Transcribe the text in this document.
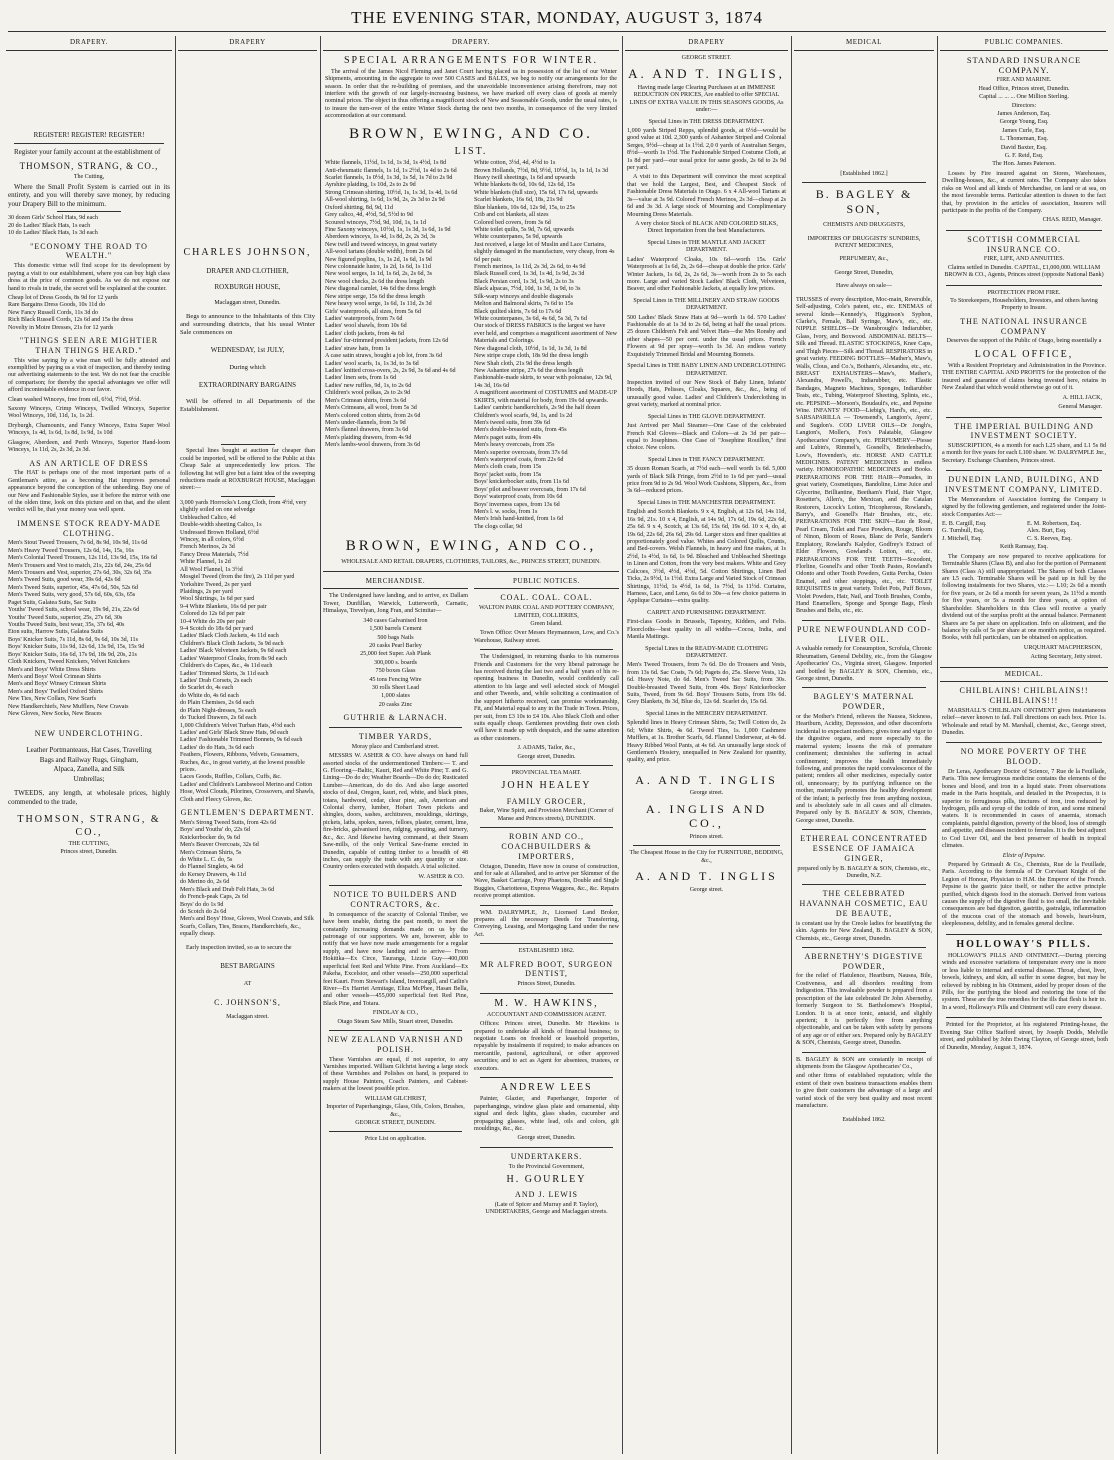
THE EVENING STAR, MONDAY, AUGUST 3, 1874
DRAPERY.
REGISTER! REGISTER! REGISTER!
Register your family account at the establishment of
THOMSON, STRANG, & CO.,
The Cutting,
Where the Small Profit System is carried out in its entirety, and you will thereby save money, by reducing your Drapery Bill to the minimum.
30 dozen Girls' School Hats, 9d each
20 do Ladies' Black Hats, 1s each
10 do Ladies' Black Hats, 1s 3d each
"ECONOMY THE ROAD TO WEALTH."
This domestic virtue will find scope for its development by paying a visit to our establishment, where you can buy high class dress at the price of common goods. As we do not expose our hand to rivals in trade, the secret will be explained at the counter.
Cheap lot of Dress Goods, 8s 9d for 12 yards
Rare Bargains Dress Goods, 10s 11d do
New Fancy Russell Cords, 11s 3d do
Rich Black Russell Cords, 12s 6d and 15s the dress
Novelty in Moire Dresses, 21s for 12 yards
"THINGS SEEN ARE MIGHTIER THAN THINGS HEARD."
This wise saying by a wise man will be fully attested and exemplified by paying us a visit of inspection, and thereby testing our advertising statements to the test. We do not fear the crucible of comparison; for thereby the special advantages we offer will afford incontestable evidence in our favor.
Clean washed Winceys, free from oil, 6½d, 7½d, 9½d.
Saxony Winceys, Crimp Winceys, Twilled Winceys, Superior Wool Winceys, 10d, 11d, 1s, 1s 2d.
Dryburgh, Chamounix, and Fancy Winceys, Extra Super Wool Winceys, 1s 4d, 1s 6d, 1s 8d, 1s 9d, 1s 10d
Glasgow, Aberdeen, and Perth Winceys, Superior Hand-loom Winceys, 1s 11d, 2s, 2s 3d, 2s 3d.
AS AN ARTICLE OF DRESS
The HAT is perhaps one of the most important parts of a Gentleman's attire, as a becoming Hat improves personal appearance beyond the conception of the unheeding. Buy one of our New and Fashionable Styles, use it before the mirror with one of the olden time, look on this picture and on that, and the silent verdict will be, that your money was well spent.
IMMENSE STOCK READY-MADE CLOTHING.
Men's Stout Tweed Trousers, 7s 6d, 8s 9d, 10s 9d, 11s 6d
Men's Heavy Tweed Trousers, 12s 6d, 14s, 15s, 16s
Men's Colonial Tweed Trousers, 12s 11d, 13s 9d, 15s, 16s 6d
Men's Trousers and Vest to match, 21s, 22s 6d, 24s, 25s 6d
Men's Trousers and Vest, superior, 27s 6d, 30s, 32s 6d, 35s
Men's Tweed Suits, good wear, 39s 6d, 42s 6d
Men's Tweed Suits, superior, 45s, 47s 6d, 50s, 52s 6d
Men's Tweed Suits, very good, 57s 6d, 60s, 63s, 65s
Paget Suits, Galatea Suits, Sac Suits
Youths' Tweed Suits, school wear, 19s 9d, 21s, 22s 6d
Youths' Tweed Suits, superior, 25s, 27s 6d, 30s
Youths Tweed Suits, best wear, 35s, 37s 6d, 40s
Eton suits, Harrow Suits, Galatea Suits
Boys' Knicker Suits, 7s 11d, 8s 6d, 9s 6d, 10s 3d, 11s
Boys' Knicker Suits, 11s 9d, 12s 6d, 13s 9d, 15s, 15s 9d
Boys' Knicker Suits, 16s 6d, 17s 9d, 18s 9d, 20s, 21s
Cloth Knickers, Tweed Knickers, Velvet Knickers
Men's and Boys' White Dress Shirts
Men's and Boys' Wool Crimean Shirts
Men's and Boys' Winsey Crimean Shirts
Men's and Boys' Twilled Oxford Shirts
New Ties, New Collars, New Scarfs
New Handkerchiefs, New Mufflers, New Cravats
New Gloves, New Socks, New Braces
NEW UNDERCLOTHING.
Leather Portmanteaus, Hat Cases, Travelling
Bags and Railway Rugs, Gingham,
Alpaca, Zanella, and Silk
Umbrellas;
TWEEDS, any length, at wholesale prices, highly commended to the trade,
THOMSON, STRANG, & CO.,
THE CUTTING,
Princes street, Dunedin.
DRAPERY
CHARLES JOHNSON,
DRAPER AND CLOTHIER,
ROXBURGH HOUSE,
Maclaggan street, Dunedin.
Begs to announce to the Inhabitants of this City and surrounding districts, that his usual Winter Sale commences on
WEDNESDAY, 1st JULY,
During which
EXTRAORDINARY BARGAINS
Will be offered in all Departments of the Establishment.
Special lines bought at auction far cheaper than could be imported, will be offered to the Public at this Cheap Sale at unprecedentedly low prices. The following list will give but a faint idea of the sweeping reductions made at ROXBURGH HOUSE, Maclaggan street:—
3,000 yards Horrocks's Long Cloth, from 4½d, very slightly soiled on one selvedge
Unbleached Calico, 4d
Double-width sheeting Calico, 1s
Undressed Brown Holland, 6½d
Wincey, in all colors, 6½d
French Merinos, 2s 3d
Fancy Dress Materials, 7½d
White Flannel, 1s 2d
All Wool Flannel, 1s 3½d
Mosgiel Tweed (from the fire), 2s 11d per yard
Yorkshire Tweed, 2s per yard
Plaidings, 2s per yard
Wool Shirtings, 1s 6d per yard
9-4 White Blankets, 16s 6d per pair
Colored do 12s 6d per pair
10-4 White do 20s per pair
9-4 Scotch do 18s 6d per yard
Ladies' Black Cloth Jackets, 4s 11d each
Children's Black Cloth Jackets, 3s 9d each
Ladies' Black Velveteen Jackets, 9s 6d each
Ladies' Waterproof Cloaks, from 8s 9d each
Children's do Capes, &c., 4s 11d each
Ladies' Trimmed Skirts, 3s 11d each
Ladies' Drab Corsets, 2s each
do Scarlet do, 4s each
do White do, 4s 6d each
do Plain Chemises, 2s 6d each
do Plain Night-dresses, 5s each
do Tucked Drawers, 2s 6d each
1,000 Children's Velvet Turban Hats, 4½d each
Ladies' and Girls' Black Straw Hats, 9d each
Ladies' Fashionable Trimmed Bonnets, 9s 6d each
Ladies' do do Hats, 3s 6d each
Feathers, Flowers, Ribbons, Velvets, Gossamers, Ruches, &c., in great variety, at the lowest possible prices.
Laces Goods, Ruffles, Collars, Cuffs, &c.
Ladies' and Children's Lambswool Merino and Cotton Hose, Wool Clouds, Pilorines, Crossovers, and Shawls, Cloth and Fleecy Gloves, &c.
GENTLEMEN'S DEPARTMENT.
Men's Strong Tweed Suits, from 42s 6d
Boys' and Youths' do, 22s 6d
Knickerbocker do, 9s 6d
Men's Beaver Overcoats, 32s 6d
Men's Crimean Shirts, 5s
do White L. C. do, 5s
do Flannel Singlets, 4s 6d
do Kersey Drawers, 4s 11d
do Merino do, 2s 6d
Men's Black and Drab Felt Hats, 3s 6d
do French-peak Caps, 2s 6d
Boys' do do 1s 9d
do Scotch do 2s 6d
Men's and Boys' Hose, Gloves, Wool Cravats, and Silk Scarfs, Collars, Ties, Braces, Handkerchiefs, &c., equally cheap.
Early inspection invited, so as to secure the
BEST BARGAINS
AT
C. JOHNSON'S,
Maclaggan street.
DRAPERY.
SPECIAL ARRANGEMENTS FOR WINTER.
The arrival of the James Nicol Fleming and Janet Court having placed us in possession of the list of our Winter Shipments, amounting in the aggregate to over 500 CASES and BALES, we beg to notify our arrangements for the season. In order that the re-building of premises, and the unavoidable inconvenience arising therefrom, may not interfere with the growth of our largely-increasing business, we have marked off every class of goods at merely nominal prices. The object in thus offering a magnificent stock of New and Seasonable Goods, under the usual rates, is to insure the turn-over of the entire Winter Stock during the next two months, in consequence of the very limited accommodation at our command.
BROWN, EWING, AND CO.
LIST.
White flannels, 11½d, 1s 1d, 1s 3d, 1s 4½d, 1s 8d
Anti-rheumatic flannels, 1s 1d, 1s 2½d, 1s 4d to 2s 6d
Scarlet flannels, 1s 0½d, 1s 3d, 1s 5d, 1s 7d to 2s 9d
Ayrshire plaiding, 1s 10d, 2s to 2s 9d
Strong Crimean shirting, 10½d, 1s, 1s 3d, 1s 4d, 1s 6d
All-wool shirting, 1s 6d, 1s 9d, 2s, 2s 3d to 2s 9d
Oxford shirting, 8d, 9d, 11d
Grey calico, 4d, 4½d, 5d, 5½d to 9d
Scoured winceys, 7½d, 9d, 10d, 1s, 1s 1d
Fine Saxony winceys, 10½d, 1s, 1s 3d, 1s 6d, 1s 9d
Aberdeen winceys, 1s 4d, 1s 8d, 2s, 2s 3d, 3s
New twill and tweed winceys, in great variety
All-wool tartans (double width), from 2s 6d
New figured poplins, 1s, 1s 2d, 1s 6d, 1s 9d
New colonnaide lustre, 1s 2d, 1s 6d, 1s 11d
New wool serges, 1s 1d, 1s 6d, 2s, 2s 6d, 3s
New wool checks, 2s 6d the dress length
New diagonal camlet, 14s 6d the dress length
New stripe serge, 15s 6d the dress length
New heavy wool serge, 1s 6d, 1s 11d, 2s 3d
Girls' waterproofs, all sizes, from 5s 6d
Ladies' waterproofs, from 7s 6d
Ladies' wool shawls, from 10s 6d
Ladies' cloth jackets, from 4s 6d
Ladies' fur-trimmed president jackets, from 12s 6d
Ladies' straw hats, from 1s
A case satin straws, bought a job lot, from 3s 6d
Ladies' wool scarfs, 1s, 1s 3d, to 3s 6d
Ladies' knitted cross-overs, 2s, 2s 9d, 3s 6d and 4s 6d
Ladies' linen sets, from 1s 6d
Ladies' new ruffles, 9d, 1s, to 2s 6d
Children's wool polkas, 2s to 2s 9d
Men's Crimean shirts, from 3s 6d
Men's Crimeans, all wool, from 5s 3d
Men's colored cotton shirts, from 2s 6d
Men's under-flannels, from 3s 9d
Men's flannel drawers, from 3s 6d
Men's plaiding drawers, from 4s 9d
Men's lambs-wool drawers, from 3s 6d
White cotton, 3½d, 4d, 4½d to 1s
Brown Hollands, 7½d, 8d, 9½d, 10½d, 1s, 1s 1d, 1s 3d
Heavy twill sheetings, 1s 6d and upwards
White blankets 8s 6d, 10s 6d, 12s 6d, 15s
White blankets (full size), 15s 6d, 17s 6d, upwards
Scarlet blankets, 16s 6d, 18s, 21s 9d
Blue blankets, 10s 6d, 12s 9d, 15s, to 25s
Crib and cot blankets, all sizes
Colored bed covers, from 3s 6d
White toilet quilts, 5s 9d, 7s 6d, upwards
White counterpanes, 5s 9d, upwards
Just received, a large lot of Muslin and Lace Curtains, slightly damaged in the manufacture, very cheap, from 4s 6d per pair.
French merinos, 1s 11d, 2s 3d, 2s 6d, to 4s 9d
Black Russell cord, 1s 3d, 1s 4d, 1s 9d, 2s 3d
Black Persian cord, 1s 3d, 1s 9d, 2s to 3s
Black alpacas, 7½d, 10d, 1s 3d, 1s 9d, to 3s
Silk-warp winceys and double diagonals
Melton and Balmoral skirts, 7s 6d to 15s
Black quilted skirts, 7s 6d to 17s 6d
White counterpanes, 3s 6d, 4s 6d, 5s 3d, 7s 6d
Our stock of DRESS FABRICS is the largest we have ever held, and comprises a magnificent assortment of New Materials and Colorings.
New diagonal cloth, 10½d, 1s 1d, 1s 3d, 1s 8d
New stripe crape cloth, 18s 9d the dress length
New Shah cloth, 21s 9d the dress length
New Ashantee stripe, 27s 6d the dress length
Fashionable-made skirts, to wear with polonaise, 12s 9d, 14s 3d, 16s 6d
A magnificent assortment of COSTUMES and MADE-UP SKIRTS, with material for body, from 19s 6d upwards.
Ladies' cambric handkerchiefs, 2s 9d the half dozen
Children's wool scarfs, 9d, 1s, and 1s 2d
Men's tweed suits, from 39s 6d
Men's double-breasted suits, from 45s
Men's paget suits, from 49s
Men's heavy overcoats, from 35s
Men's superior overcoats, from 37s 6d
Men's waterproof coats, from 22s 6d
Men's cloth coats, from 15s
Boys' jacket suits, from 15s
Boys' knickerbocker suits, from 11s 6d
Boys' pilot and beaver overcoats, from 17s 6d
Boys' waterproof coats, from 10s 6d
Boys' inverness capes, from 13s 6d
Men's l. w. socks, from 1s
Men's Irish hand-knitted, from 1s 6d
The clogs collar, 9d
BROWN, EWING, AND CO.,
WHOLESALE AND RETAIL DRAPERS, CLOTHIERS, TAILORS, &c., PRINCES STREET, DUNEDIN.
MERCHANDISE.
The Undersigned have landing, and to arrive, ex Dallam Tower, Dunfillan, Warwick, Lutterworth, Carnatic, Himalaya, Trevelyan, Jong Fran, and Scimitar—
340 cases Galvanised Iron
1,500 barrels Cement
500 bags Nails
20 casks Pearl Barley
25,000 feet Super. Ash Plank
300,000 s. boards
750 boxes Glass
45 tons Fencing Wire
30 rolls Sheet Lead
1,000 slates
20 casks Zinc
GUTHRIE & LARNACH.
TIMBER YARDS,
Moray place and Cumberland street.
MESSRS W. ASHER & CO. have always on hand full assorted stocks of the undermentioned Timbers:— T. and G. Flooring—Baltic, Kauri, Red and White Pine; T. and G. Lining—Do do do; Weather Boards—Do do do; Rusticated Lumber—American, do do do. And also large assorted stocks of deal, Oregon, kauri, red, white, and black pines, totara, hardwood, cedar, clear pine, ash, American and Colonial cherry, lumber, Hobart Town pickets and shingles, doors, sashes, architraves, mouldings, skirtings, pickets, laths, spokes, naves, felloes, plaster, cement, lime, fire-bricks, galvanised iron, ridging, spouting, and turnery, &c., &c. And likewise having command, at their Steam Saw-mills, of the only Vertical Saw-frame erected in Dunedin, capable of cutting timber to a breadth of 48 inches, can supply the trade with any quantity or size. Country orders executed with despatch. A trial solicited.
W. ASHER & CO.
NOTICE TO BUILDERS AND CONTRACTORS, &c.
In consequence of the scarcity of Colonial Timber, we have been unable, during the past month, to meet the constantly increasing demands made on us by the patronage of our supporters. We are, however, able to notify that we have now made arrangements for a regular supply, and have now landing and to arrive— From Hokitika—Ex Circe, Tauranga, Lizzie Guy—400,000 superficial feet Red and White Pine. From Auckland—Ex Pakeha, Excelsior, and other vessels—250,000 superficial feet Kauri. From Stewart's Island, Invercargill, and Catlin's River—Ex Harriet Armitage, Eliza McPhee, Hasan Bella, and other vessels—455,000 superficial feet Red Pine, Black Pine, and Totara.
FINDLAY & CO.,
Otago Steam Saw Mills, Stuart street, Dunedin.
NEW ZEALAND VARNISH AND POLISH.
These Varnishes are equal, if not superior, to any Varnishes imported. William Gilchrist having a large stock of these Varnishes and Polishes on hand, is prepared to supply House Painters, Coach Painters, and Cabinet-makers at the lowest possible price.
WILLIAM GILCHRIST,
Importer of Paperhangings, Glass, Oils, Colors, Brushes, &c.,
GEORGE STREET, DUNEDIN.
Price List on application.
PUBLIC NOTICES.
COAL. COAL. COAL.
WALTON PARK COAL AND POTTERY COMPANY, LIMITED, COLLIERIES,
Green Island.
Town Office: Over Messrs Heymannson, Low, and Co.'s Warehouse, Railway street.
The Undersigned, in returning thanks to his numerous Friends and Customers for the very liberal patronage he has received during the last two and a half years of his re-opening business in Dunedin, would confidently call attention to his large and well selected stock of Mosgiel and other Tweeds, and, while soliciting a continuation of the support hitherto received, can promise workmanship, Fit, and Material equal to any in the Trade in Town. Prices, per suit, from £3 10s to £4 10s. Also Black Cloth and other suits equally cheap. Gentlemen providing their own cloth will have it made up with despatch, and the same attention as other customers.
J. ADAMS, Tailor, &c.,
George street, Dunedin.
PROVINCIAL TEA MART.
JOHN HEALEY
FAMILY GROCER,
Baker, Wine Spirit, and Provision Merchant (Corner of Manse and Princes streets), DUNEDIN.
ROBIN AND CO., COACHBUILDERS & IMPORTERS,
Octagon, Dunedin, Have now in course of construction, and for sale at Allanshed, and to arrive per Skimmer of the Wave, Basket Carriage, Pony Phaetons, Double and Single Buggies, Chariotteess, Express Waggons, &c., &c. Repairs receive prompt attention.
WM. DALRYMPLE, Jr., Licensed Land Broker, prepares all the necessary Deeds for Transferring, Conveying, Leasing, and Mortgaging Land under the new Act.
ESTABLISHED 1862.
MR ALFRED BOOT, SURGEON DENTIST,
Princes Street, Dunedin.
M. W. HAWKINS,
ACCOUNTANT AND COMMISSION AGENT.
Offices: Princes street, Dunedin. Mr Hawkins is prepared to undertake all kinds of financial business; to negotiate Loans on freehold or leasehold properties, repayable by instalments if required; to make advances on mercantile, pastoral, agricultural, or other approved securities; and to act as Agent for absentees, trustees, or executors.
ANDREW LEES
Painter, Glazier, and Paperhanger, Importer of paperhangings, window glass plate and ornamental, ship signal and deck lights, glass shades, cucumber and propagating glasses, white lead, oils and colors, gilt mouldings, &c., &c.
George street, Dunedin.
UNDERTAKERS.
To the Provincial Government,
H. GOURLEY
AND J. LEWIS
(Late of Spicer and Murray and P. Taylor), UNDERTAKERS, George and Maclaggan streets.
DRAPERY
GEORGE STREET.
A. AND T. INGLIS,
Having made large Clearing Purchases at an IMMENSE REDUCTION ON PRICES, Are enabled to offer SPECIAL LINES OF EXTRA VALUE IN THIS SEASON'S GOODS, As under:—
Special Lines in THE DRESS DEPARTMENT.
1,000 yards Striped Repps, splendid goods, at 6½d—would be good value at 10d. 2,300 yards of Ashantee Striped and Colonial Serges, 9½d—cheap at 1s 1½d. 2,0 0 yards of Australian Serges, 8½d—worth 1s 1½d. The Fashionable Striped Costume Cloth, at 1s 8d per yard—our usual price for same goods, 2s 6d to 2s 9d per yard.
A visit to this Department will convince the most sceptical that we hold the Largest, Best, and Cheapest Stock of Fashionable Dress Materials in Otago. 6 x 4 All-wool Tartans at 3s—value at 3s 9d. Colored French Merinos, 2s 3d—cheap at 2s 6d and 3s 3d. A large stock of Mourning and Complimentary Mourning Dress Materials.
A very choice Stock of BLACK AND COLORED SILKS, Direct Importation from the best Manufacturers.
Special Lines in THE MANTLE AND JACKET DEPARTMENT.
Ladies' Waterproof Cloaks, 10s 6d—worth 15s. Girls' Waterproofs at 1s 6d, 2s, 2s 6d—cheap at double the price. Girls' Winter Jackets, 1s 6d, 2s, 2s 6d, 3s—worth from 2s to 5s each more. Large and varied Stock Ladies' Black Cloth, Velveteen, Beaver, and other Fashionable Jackets, at equally low prices.
Special Lines in THE MILLINERY AND STRAW GOODS DEPARTMENT.
500 Ladies' Black Straw Hats at 9d—worth 1s 6d. 570 Ladies' Fashionable do at 1s 3d to 2s 6d, being at half the usual prices. 25 dozen Children's Felt and Velvet Hats—the Mrs Ronsby and other shapes—50 per cent. under the usual prices. French Flowers at 9d per spray—worth 1s 3d. An endless variety Exquisitely Trimmed Bridal and Mourning Bonnets.
Special Lines in THE BABY LINEN AND UNDERCLOTHING DEPARTMENT.
Inspection invited of our New Stock of Baby Linen, Infants' Hoods, Hats, Pelisses, Cloaks, Squares, &c., &c., being of unusually good value. Ladies' and Children's Underclothing in great variety, marked at nominal price.
Special Lines in THE GLOVE DEPARTMENT.
Just Arrived per Mail Steamer—One Case of the celebrated French Kid Gloves—Black and Colors—at 2s 3d per pair—equal to Josephines. One Case of "Josephine Rouillon," first choice. New colors.
Special Lines in THE FANCY DEPARTMENT.
35 dozen Roman Scarfs, at 7½d each—well worth 1s 6d. 5,000 yards of Black Silk Fringe, from 2½d to 1s 6d per yard—usual price from 9d to 2s 9d. Wool Work Cushions, Slippers, &c., from 3s 6d—reduced prices.
Special Lines in THE MANCHESTER DEPARTMENT.
English and Scotch Blankets. 9 x 4, English, at 12s 6d, 14s 11d, 16s 9d, 21s. 10 x 4, English, at 14s 9d, 17s 6d, 19s 6d, 22s 6d, 25s 6d. 9 x 4, Scotch, at 13s 6d, 15s 6d, 19s 6d. 10 x 4, do, at 19s 6d, 22s 6d, 26s 6d, 29s 6d. Larger sizes and finer qualities at proportionately good value. Whites and Colored Quilts, Counts, and Bed-covers. Welsh Flannels, in heavy and fine makes, at 1s 2½d, 1s 4½d, 1s 6d, 1s 9d. Bleached and Unbleached Sheetings in Linen and Cotton, from the very best makers. White and Grey Calicoes, 3½d, 4½d, 4½d, 5d. Cotton Shirtings, Linen Bed Ticks, 2s 9½d, 1s 1½d. Extra Large and Varied Stock of Crimean Shirtings, 11½d, 1s 4½d, 1s 6d, 1s 7½d, 1s 11½d. Curtains, Harness, Lace, and Leno, 6s 6d to 30s—a few choice patterns in Applique Curtains—extra quality.
CARPET AND FURNISHING DEPARTMENT.
First-class Goods in Brussels, Tapestry, Kidders, and Felts. Floorcloths—best quality in all widths—Cocoa, India, and Manila Mattings.
Special Lines in the READY-MADE CLOTHING DEPARTMENT.
Men's Tweed Trousers, from 7s 6d. Do do Trousers and Vests, from 13s 6d. Sac Coats, 7s 6d; Pagets do, 25s. Sleeve Vests, 12s 6d. Heavy Note, do 6d. Men's Tweed Sac Suits, from 30s. Double-breasted Tweed Suits, from 40s. Boys' Knickerbocker Suits, Tweed, from 9s 6d. Boys' Trousers Suits, from 19s 6d. Grey Blankets, 8s 3d, Blue do, 12s 6d. Scarlet do, 15s 6d.
Special Lines in the MERCERY DEPARTMENT.
Splendid lines in Heavy Crimean Shirts, 5s; Twill Cotton do, 2s 6d; White Shirts, 4s 6d. Tweed Ties, 1s. 1,000 Cashmere Mufflers, at 1s. Brother Scarfs, 6d. Flannel Underwear, at 4s 6d. Heavy Ribbed Wool Pants, at 4s 6d. An unusually large stock of Gentlemen's Hosiery, unequalled in New Zealand for quantity, quality, and price.
A. AND T. INGLIS
George street.
A. INGLIS AND CO.,
Princes street.
The Cheapest House in the City for FURNITURE, BEDDING, &c.,
A. AND T. INGLIS
George street.
MEDICAL
[Established 1862.]
B. BAGLEY & SON,
CHEMISTS AND DRUGGISTS,
IMPORTERS OF DRUGGISTS' SUNDRIES, PATENT MEDICINES,
PERFUMERY, &c.,
George Street, Dunedin,
Have always on sale—
TRUSSES of every description, Moc-main, Reversible, Self-adjusting, Cole's patent, etc., etc. ENEMAS of several kinds—Kennedy's, Higginson's Syphon, Clarke's, Female, Ball Syringe, Maw's, etc., etc. NIPPLE SHIELDS—Dr Wansbrough's Indiarubber, Glass, Ivory, and Boxwood. ABDOMINAL BELTS—Silk and Thread. ELASTIC STOCKINGS, Knee Caps, and Thigh Pieces—Silk and Thread. RESPIRATORS in great variety. FEEDING BOTTLES—Mather's, Maw's, Walls, Clous, and Co.'s, Botham's, Alexandra, etc., etc. BREAST EXHAUSTERS—Maw's, Mather's, Alexandra, Powell's, Indiarubber, etc. Elastic Bandages, Magneto Machines, Sponges, Indiarubber Teats, etc., Tubing, Waterproof Sheeting, Splints, etc., etc. PEPSINE—Morson's, Boudault's, etc., and Pepsine Wine. INFANTS' FOOD—Liebig's, Hard's, etc., etc. SARSAPARILLA — Townsend's, Langton's, Ayers', and Sugdon's. COD LIVER OILS—Dr Jongh's, Langton's, Moller's, Fox's Palatable, Glasgow Apothecaries' Company's, etc. PERFUMERY—Piesse and Lubin's, Rimmel's, Gosnell's, Briedenbach's, Low's, Hovenden's, etc. HORSE AND CATTLE MEDICINES. PATENT MEDICINES in endless variety. HOMOEOPATHIC MEDICINES and Books. PREPARATIONS FOR THE HAIR—Pomades, in great variety, Cosmetiques, Bandoline, Lime Juice and Glycerine, Brilliantine, Beetham's Fluid, Hair Vigor, Rosetter's, Allen's, the Mexican, and the Catalan Restorers, Locock's Lotion, Tricopherous, Rowland's, Barry's, and Gosnell's Hair Brushes, etc., etc. PREPARATIONS FOR THE SKIN—Eau de Rosé, Pearl Cream, Toilet and Face Powders, Rouge, Bloom of Ninon, Bloom of Roses, Blanc de Perle, Sander's Emplatory, Rowland's Kalydor, Godfrey's Extract of Elder Flowers, Gowland's Lotion, etc., etc. PREPARATIONS FOR THE TEETH—Sozodont, Florline, Gosnell's and other Tooth Pastes, Rowland's Odonto and other Tooth Powders, Gutta Percha, Osteo Enamel, and other stoppings, etc., etc. TOILET REQUISITES in great variety. Toilet Pots, Puff Boxes, Violet Powders, Hair, Nail, and Tooth Brushes, Combs, Hand Enamellers, Sponge and Sponge Bags, Flesh Brushes and Belts, etc., etc.
PURE NEWFOUNDLAND COD-LIVER OIL.
A valuable remedy for Consumption, Scrofula, Chronic Rheumatism, General Debility, etc., from the Glasgow Apothecaries' Co., Virginia street, Glasgow. Imported and bottled by BAGLEY & SON, Chemists, etc., George street, Dunedin.
BAGLEY'S MATERNAL POWDER,
or the Mother's Friend, relieves the Nausea, Sickness, Heartburn, Acidity, Depression, and other discomforts incidental to expectant mothers; gives tone and vigor to the digestive organs, and more especially to the maternal system; lessens the risk of premature confinement; diminishes the suffering in actual confinement; improves the health immediately following, and promotes the rapid convalescence of the patient; renders all other medicines, especially castor oil, unnecessary; by its purifying influence on the mother, materially promotes the healthy development of the infant; is perfectly free from anything noxious, and is absolutely safe in all cases and all climates. Prepared only by B. BAGLEY & SON, Chemists, George street, Dunedin.
ETHEREAL CONCENTRATED ESSENCE OF JAMAICA GINGER,
prepared only by B. BAGLEY & SON, Chemists, etc., Dunedin, N.Z.
THE CELEBRATED HAVANNAH COSMETIC, EAU DE BEAUTE,
is constant use by the Creole ladies for beautifying the skin. Agents for New Zealand, B. BAGLEY & SON, Chemists, etc., George street, Dunedin.
ABERNETHY'S DIGESTIVE POWDER,
for the relief of Flatulence, Heartburn, Nausea, Bile, Costiveness, and all disorders resulting from Indigestion. This invaluable powder is prepared from a prescription of the late celebrated Dr John Abernethy, formerly Surgeon to St. Bartholomew's Hospital, London. It is at once tonic, antacid, and slightly aperient; it is perfectly free from anything objectionable, and can be taken with safety by persons of any age or of either sex. Prepared only by BAGLEY & SON, Chemists, George street, Dunedin.
B. BAGLEY & SON are constantly in receipt of shipments from the Glasgow Apothecaries' Co.,
and other firms of established reputation; while the extent of their own business transactions enables them to give their customers the advantage of a large and varied stock of the very best quality and most recent manufacture.
Established 1862.
PUBLIC COMPANIES.
STANDARD INSURANCE COMPANY.
FIRE AND MARINE.
Head Office, Princes street, Dunedin.
Capital ... ... ... One Million Sterling.
Directors:
James Anderson, Esq.
George Young, Esq.
James Curle, Esq.
L. Thomeman, Esq.
David Baxter, Esq.
G. F. Reid, Esq.
The Hon. James Paterson.
Losses by Fire insured against on Stores, Warehouses, Dwelling-houses, &c., at current rates. The Company also takes risks on Wool and all kinds of Merchandise, on land or at sea, on the most favorable terms. Particular attention is drawn to the fact that, by provision in the articles of association, Insurers will participate in the profits of the Company.
CHAS. REID, Manager.
SCOTTISH COMMERCIAL INSURANCE CO.
FIRE, LIFE, AND ANNUITIES.
Claims settled in Dunedin. CAPITAL, £1,000,000. WILLIAM BROWN & CO., Agents, Princes street (opposite National Bank)
PROTECTION FROM FIRE.
To Storekeepers, Householders, Investors, and others having Property to Insure.
THE NATIONAL INSURANCE COMPANY
Deserves the support of the Public of Otago, being essentially a
LOCAL OFFICE,
With a Resident Proprietary and Administration in the Province. THE ENTIRE CAPITAL AND PROFITS for the protection of the insured and guarantee of claims being invested here, retains in New Zealand that which would otherwise go out of it.
A. HILL JACK,
General Manager.
THE IMPERIAL BUILDING AND INVESTMENT SOCIETY.
SUBSCRIPTION, 4s a month for each L25 share, and L1 5s 8d a month for five years for each L100 share. W. DALRYMPLE Jnr., Secretary. Exchange Chambers, Princes street.
DUNEDIN LAND, BUILDING, AND INVESTMENT COMPANY, LIMITED.
The Memorandum of Association forming the Company is signed by the following gentlemen, and registered under the Joint-stock Companies Act:—
E. B. Cargill, Esq.
G. Turnbull, Esq.
J. Mitchell, Esq.
E. M. Robertson, Esq.
Alex. Burt, Esq.
C. S. Reeves, Esq.
Keith Ramsay, Esq.
The Company are now prepared to receive applications for Terminable Shares (Class B), and also for the portion of Permanent Shares (Class A) still unappropriated. The Shares of both Classes are L5 each. Terminable Shares will be paid up in full by the following instalments for two Shares, viz.:— L10; 2s 6d a month for five years, or 2s 6d a month for seven years, 2s 11½d a month for five years, or 5s a month for three years, at option of Shareholder. Shareholders in this Class will receive a yearly dividend out of the surplus profit at the annual balance. Permanent Shares are 5s per share on application. Info on allotment, and the balance by calls of 5s per share at one month's notice, as required. Books, with full particulars, can be obtained on application.
URQUHART MACPHERSON,
Acting Secretary, Jetty street.
MEDICAL.
CHILBLAINS! CHILBLAINS!! CHILBLAINS!!!
MARSHALL'S CHILBLAIN OINTMENT gives instantaneous relief—never known to fail. Full directions on each box. Price 1s. Wholesale and retail by M. Marshall, chemist, &c., George street, Dunedin.
NO MORE POVERTY OF THE BLOOD.
Dr Leras, Apothecary Doctor of Science, 7 Rue de la Feuillade, Paris. This new ferruginous medicine contains the elements of the bones and blood, and iron in a liquid state. From observations made in the Paris hospitals, and detailed in the Prospectus, it is superior to ferruginous pills, tinctures of iron, iron reduced by hydrogen, pills and syrup of the iodide of iron, and some mineral waters. It is recommended in cases of anaemia, stomach complaints, painful digestion, poverty of the blood, loss of strength and appetite, and diseases incident to females. It is the best adjunct to Cod Liver Oil, and the best preserver of health in tropical climates.
Elixir of Pepsine.
Prepared by Grimault & Co., Chemists, Rue de la Feuillade, Paris. According to the formula of Dr Corvisart Knight of the Legion of Honour, Physician to H.M. the Emperor of the French. Pepsine is the gastric juice itself, or rather the active principle purified, which digests food in the stomach. Derived from various causes the supply of the digestive fluid is too small, the inevitable consequences are bad digestion, gastritis, gastralgia, inflammation of the mucous coat of the stomach and bowels, heart-burn, sleeplessness, debility, and in females general decline.
HOLLOWAY'S PILLS.
HOLLOWAY'S PILLS AND OINTMENT.—During piercing winds and excessive variations of temperature every one is more or less liable to internal and external disease. Throat, chest, liver, bowels, kidneys, and skin, all suffer in some degree, but may be relieved by rubbing in his Ointment, aided by proper doses of the Pills, for the purifying the blood and restoring the tone of the system. These are the true remedies for the ills that flesh is heir to. In a word, Holloway's Pills and Ointment will cure every disease.
Printed for the Proprietor, at his registered Printing-house, the Evening Star Office Stafford street, by Joseph Dodds, Melville street, and published by John Ewing Clayton, of George street, both of Dunedin, Monday, August 3, 1874.
